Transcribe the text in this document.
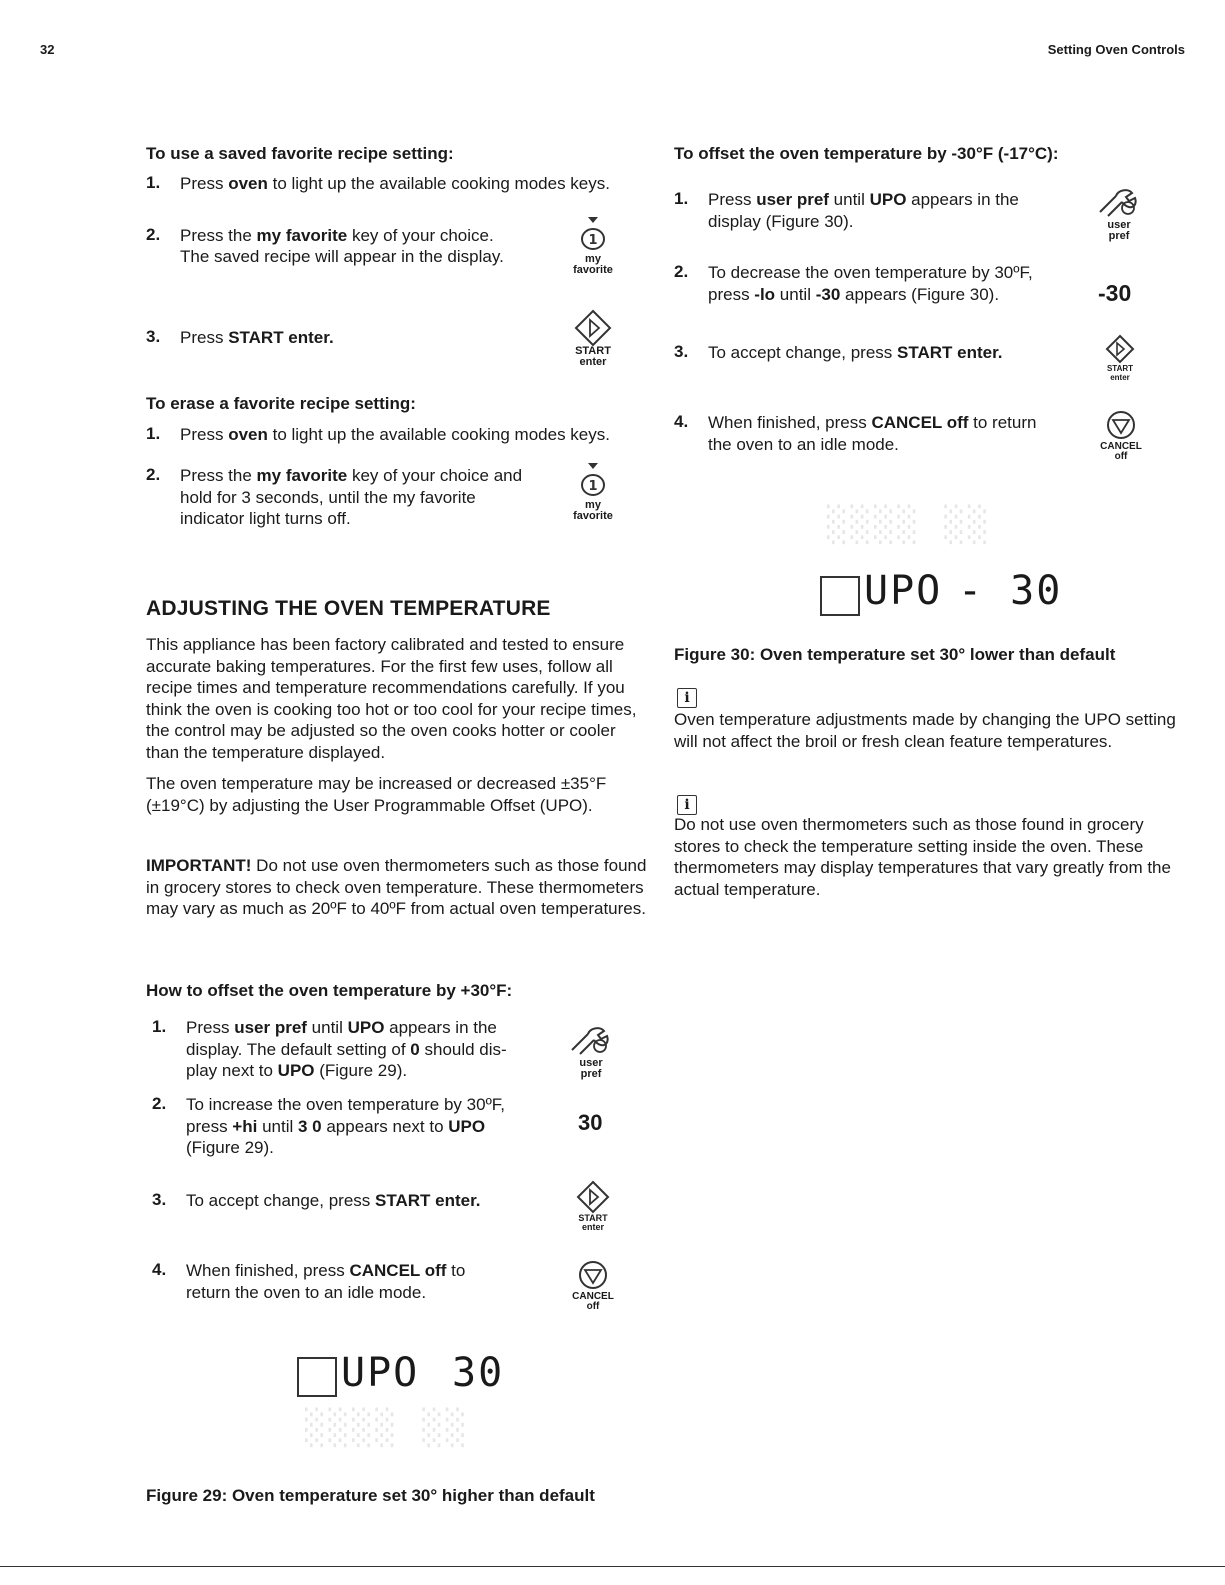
32	Setting Oven Controls
To use a saved favorite recipe setting:
1. Press oven to light up the available cooking modes keys.
2. Press the my favorite key of your choice.
The saved recipe will appear in the display.
1
my
favorite
3. Press START enter.
START
enter
To erase a favorite recipe setting:
1. Press oven to light up the available cooking modes keys.
2. Press the my favorite key of your choice and
hold for 3 seconds, until the my favorite
indicator light turns off.
1
my
favorite
ADJUSTING THE OVEN TEMPERATURE
This appliance has been factory calibrated and tested to ensure accurate baking temperatures. For the first few uses, follow all recipe times and temperature recommendations carefully. If you think the oven is cooking too hot or too cool for your recipe times, the control may be adjusted so the oven cooks hotter or cooler than the temperature displayed.
The oven temperature may be increased or decreased ±35°F (±19°C) by adjusting the User Programmable Offset (UPO).
IMPORTANT! Do not use oven thermometers such as those found in grocery stores to check oven temperature. These thermometers may vary as much as 20ºF to 40ºF from actual oven temperatures.
How to offset the oven temperature by +30°F:
1. Press user pref until UPO appears in the
display. The default setting of 0 should dis-
play next to UPO (Figure 29).	user
pref
2. To increase the oven temperature by 30ºF,
press +hi until 3 0 appears next to UPO
(Figure 29).
30
3. To accept change, press START enter.
START
enter
4. When finished, press CANCEL off to
return the oven to an idle mode.	CANCEL
off
UPO 30
░░░░ ░░
Figure 29: Oven temperature set 30° higher than default
To offset the oven temperature by -30°F (-17°C):
1. Press user pref until UPO appears in the
display (Figure 30).	user
pref
2. To decrease the oven temperature by 30ºF,
press -lo until -30 appears (Figure 30).	-30
3. To accept change, press START enter.
START
enter
4. When finished, press CANCEL off to return
the oven to an idle mode.	CANCEL
off
░░░░ ░░
UPO - 30
Figure 30: Oven temperature set 30° lower than default
i
Oven temperature adjustments made by changing the UPO setting will not affect the broil or fresh clean feature temperatures.
i
Do not use oven thermometers such as those found in grocery stores to check the temperature setting inside the oven. These thermometers may display temperatures that vary greatly from the actual temperature.
